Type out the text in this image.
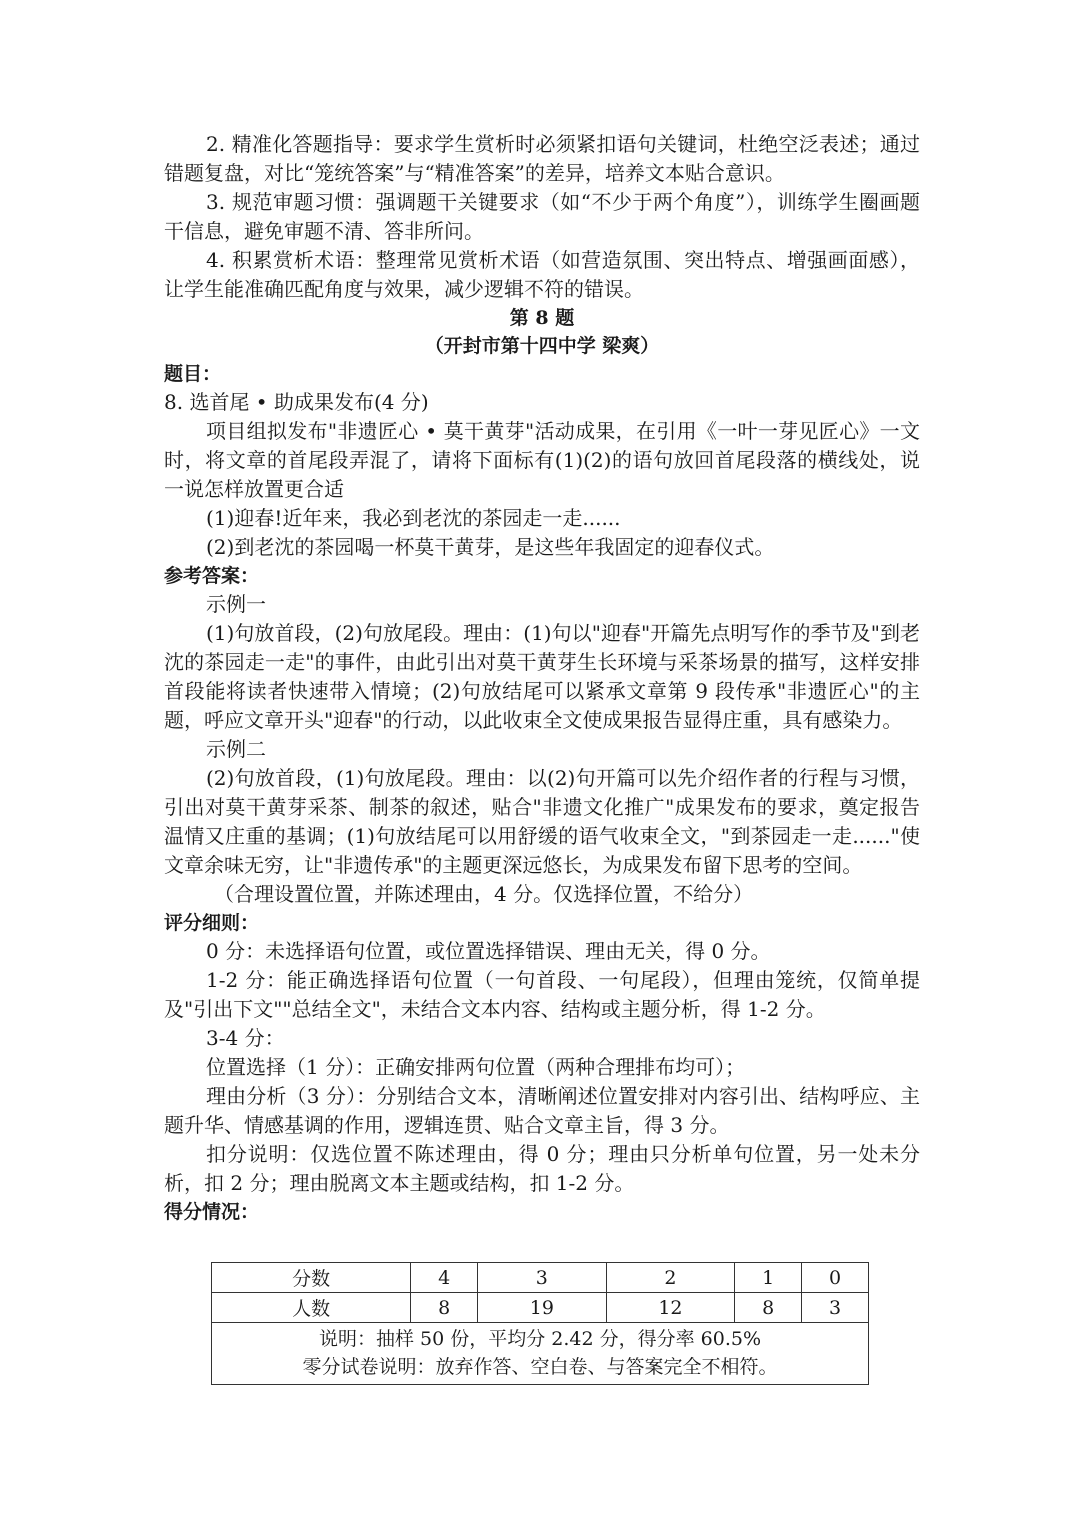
2. 精准化答题指导：要求学生赏析时必须紧扣语句关键词，杜绝空泛表述；通过错题复盘，对比“笼统答案”与“精准答案”的差异，培养文本贴合意识。

3. 规范审题习惯：强调题干关键要求（如“不少于两个角度”），训练学生圈画题干信息，避免审题不清、答非所问。

4. 积累赏析术语：整理常见赏析术语（如营造氛围、突出特点、增强画面感），让学生能准确匹配角度与效果，减少逻辑不符的错误。

第 8 题

（开封市第十四中学 梁爽）

题目：

8. 选首尾 • 助成果发布(4 分)

项目组拟发布"非遗匠心 • 莫干黄芽"活动成果，在引用《一叶一芽见匠心》一文时，将文章的首尾段弄混了，请将下面标有(1)(2)的语句放回首尾段落的横线处，说一说怎样放置更合适

(1)迎春!近年来，我必到老沈的茶园走一走......

(2)到老沈的茶园喝一杯莫干黄芽，是这些年我固定的迎春仪式。

参考答案：

示例一

(1)句放首段，(2)句放尾段。理由：(1)句以"迎春"开篇先点明写作的季节及"到老沈的茶园走一走"的事件，由此引出对莫干黄芽生长环境与采茶场景的描写，这样安排首段能将读者快速带入情境；(2)句放结尾可以紧承文章第 9 段传承"非遗匠心"的主题，呼应文章开头"迎春"的行动，以此收束全文使成果报告显得庄重，具有感染力。

示例二

(2)句放首段，(1)句放尾段。理由：以(2)句开篇可以先介绍作者的行程与习惯，引出对莫干黄芽采茶、制茶的叙述，贴合"非遗文化推广"成果发布的要求，奠定报告温情又庄重的基调；(1)句放结尾可以用舒缓的语气收束全文，"到茶园走一走......"使文章余味无穷，让"非遗传承"的主题更深远悠长，为成果发布留下思考的空间。

（合理设置位置，并陈述理由，4 分。仅选择位置，不给分）

评分细则：

0 分：未选择语句位置，或位置选择错误、理由无关，得 0 分。

1-2 分：能正确选择语句位置（一句首段、一句尾段），但理由笼统，仅简单提及"引出下文""总结全文"，未结合文本内容、结构或主题分析，得 1-2 分。

3-4 分：

位置选择（1 分）：正确安排两句位置（两种合理排布均可）；

理由分析（3 分）：分别结合文本，清晰阐述位置安排对内容引出、结构呼应、主题升华、情感基调的作用，逻辑连贯、贴合文章主旨，得 3 分。

扣分说明：仅选位置不陈述理由，得 0 分；理由只分析单句位置，另一处未分析，扣 2 分；理由脱离文本主题或结构，扣 1-2 分。

得分情况：

分数	4	3	2	1	0
人数	8	19	12	8	3

说明：抽样 50 份，平均分 2.42 分，得分率 60.5%
零分试卷说明：放弃作答、空白卷、与答案完全不相符。					
